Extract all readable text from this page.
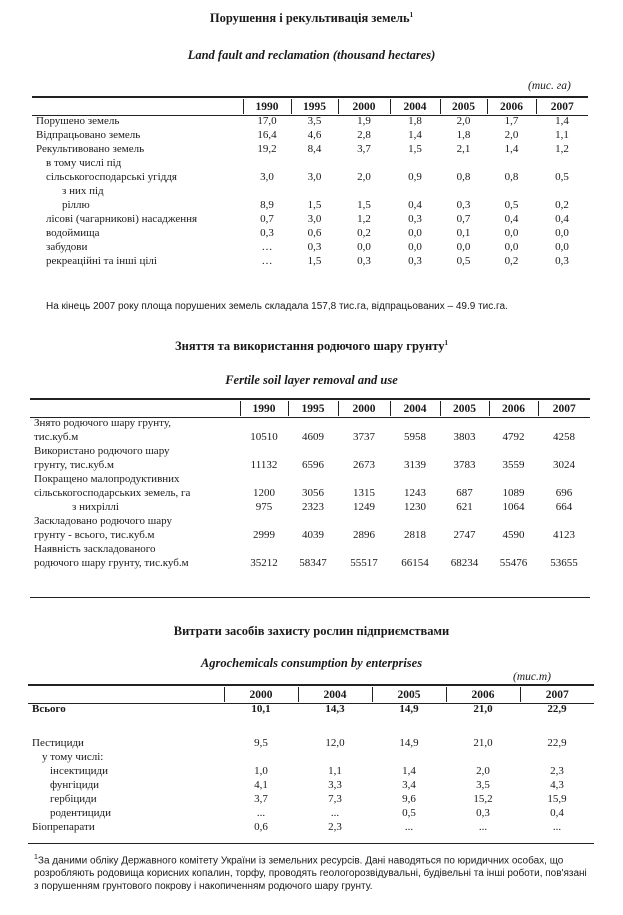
Порушення і рекультивація земель$^1$
Land fault and reclamation (thousand hectares)
(тис. га)
	1990	1995	2000	2004	2005	2006	2007
Порушено земель	17,0	3,5	1,9	1,8	2,0	1,7	1,4
Відпрацьовано земель	16,4	4,6	2,8	1,4	1,8	2,0	1,1
Рекультивовано земель	19,2	8,4	3,7	1,5	2,1	1,4	1,2
в тому числі під							
сільськогосподарські угіддя	3,0	3,0	2,0	0,9	0,8	0,8	0,5
з них під							
ріллю	8,9	1,5	1,5	0,4	0,3	0,5	0,2
лісові (чагарникові) насадження	0,7	3,0	1,2	0,3	0,7	0,4	0,4
водоймища	0,3	0,6	0,2	0,0	0,1	0,0	0,0
забудови	…	0,3	0,0	0,0	0,0	0,0	0,0
рекреаційні та інші цілі	…	1,5	0,3	0,3	0,5	0,2	0,3
На кінець 2007 року площа порушених земель складала 157,8 тис.га, відпрацьованих – 49.9 тис.га.
Зняття та використання родючого шару грунту$^1$
Fertile soil layer removal and use
	1990	1995	2000	2004	2005	2006	2007
Знято родючого шару грунту,							
тис.куб.м	10510	4609	3737	5958	3803	4792	4258
Використано родючого шару							
грунту, тис.куб.м	11132	6596	2673	3139	3783	3559	3024
Покращено малопродуктивних							
сільськогосподарських земель, га	1200	3056	1315	1243	687	1089	696
з нихріллі	975	2323	1249	1230	621	1064	664
Заскладовано родючого шару							
грунту - всього, тис.куб.м	2999	4039	2896	2818	2747	4590	4123
Наявність заскладованого							
родючого шару грунту, тис.куб.м	35212	58347	55517	66154	68234	55476	53655
Витрати засобів захисту рослин підприємствами
Agrochemicals consumption by enterprises
(тис.т)
	2000	2004	2005	2006	2007
Всього	10,1	14,3	14,9	21,0	22,9

Пестициди	9,5	12,0	14,9	21,0	22,9
у тому числі:					
інсектициди	1,0	1,1	1,4	2,0	2,3
фунгіциди	4,1	3,3	3,4	3,5	4,3
гербіциди	3,7	7,3	9,6	15,2	15,9
родентициди	...	...	0,5	0,3	0,4
Біопрепарати	0,6	2,3	...	...	...
$^1$За даними обліку Державного комітету України із земельних ресурсів. Дані наводяться по юридичних особах, що розробляють родовища корисних копалин, торфу, проводять геологорозвідувальні, будівельні та інші роботи, пов'язані з порушенням грунтового покрову і накопиченням родючого шару грунту.
